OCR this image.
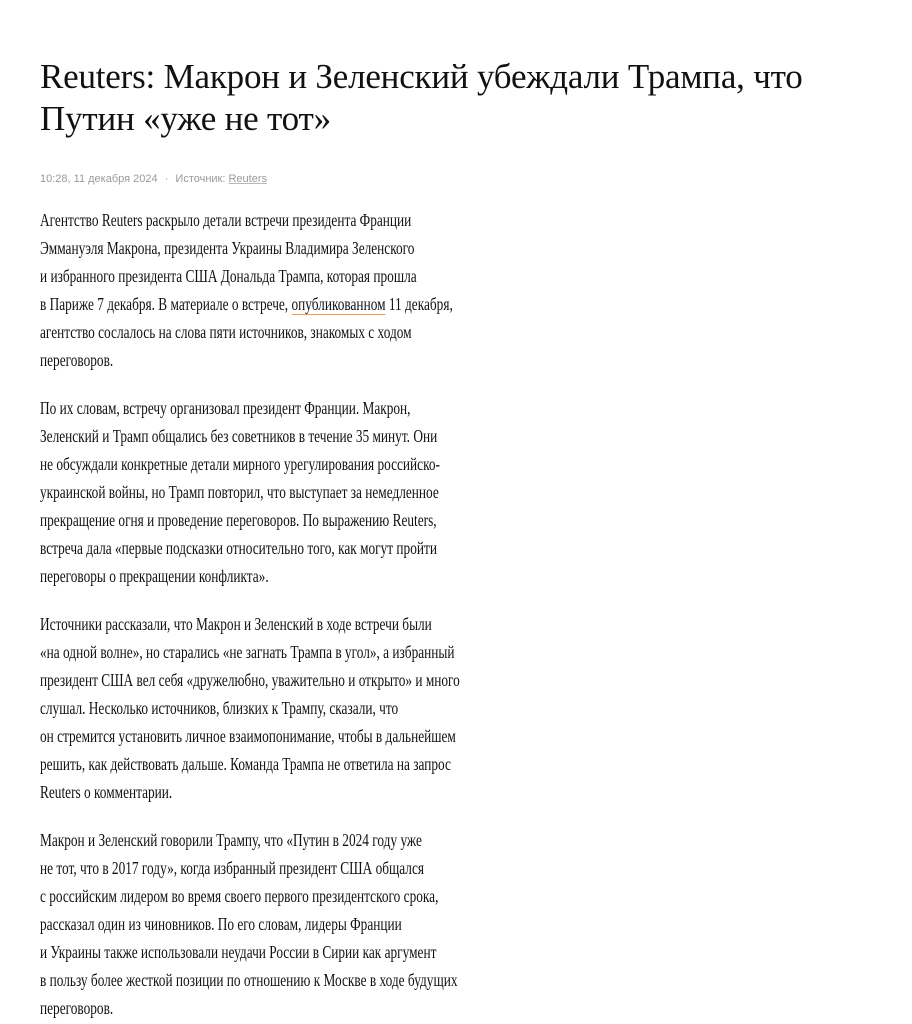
Reuters: Макрон и Зеленский убеждали Трампа, что
Путин «уже не тот»
10:28, 11 декабря 2024 · Источник: Reuters

Агентство Reuters раскрыло детали встречи президента Франции
Эммануэля Макрона, президента Украины Владимира Зеленского
и избранного президента США Дональда Трампа, которая прошла
в Париже 7 декабря. В материале о встрече, опубликованном 11 декабря,
агентство сослалось на слова пяти источников, знакомых с ходом
переговоров.

По их словам, встречу организовал президент Франции. Макрон,
Зеленский и Трамп общались без советников в течение 35 минут. Они
не обсуждали конкретные детали мирного урегулирования российско-
украинской войны, но Трамп повторил, что выступает за немедленное
прекращение огня и проведение переговоров. По выражению Reuters,
встреча дала «первые подсказки относительно того, как могут пройти
переговоры о прекращении конфликта».

Источники рассказали, что Макрон и Зеленский в ходе встречи были
«на одной волне», но старались «не загнать Трампа в угол», а избранный
президент США вел себя «дружелюбно, уважительно и открыто» и много
слушал. Несколько источников, близких к Трампу, сказали, что
он стремится установить личное взаимопонимание, чтобы в дальнейшем
решить, как действовать дальше. Команда Трампа не ответила на запрос
Reuters о комментарии.

Макрон и Зеленский говорили Трампу, что «Путин в 2024 году уже
не тот, что в 2017 году», когда избранный президент США общался
с российским лидером во время своего первого президентского срока,
рассказал один из чиновников. По его словам, лидеры Франции
и Украины также использовали неудачи России в Сирии как аргумент
в пользу более жесткой позиции по отношению к Москве в ходе будущих
переговоров.
